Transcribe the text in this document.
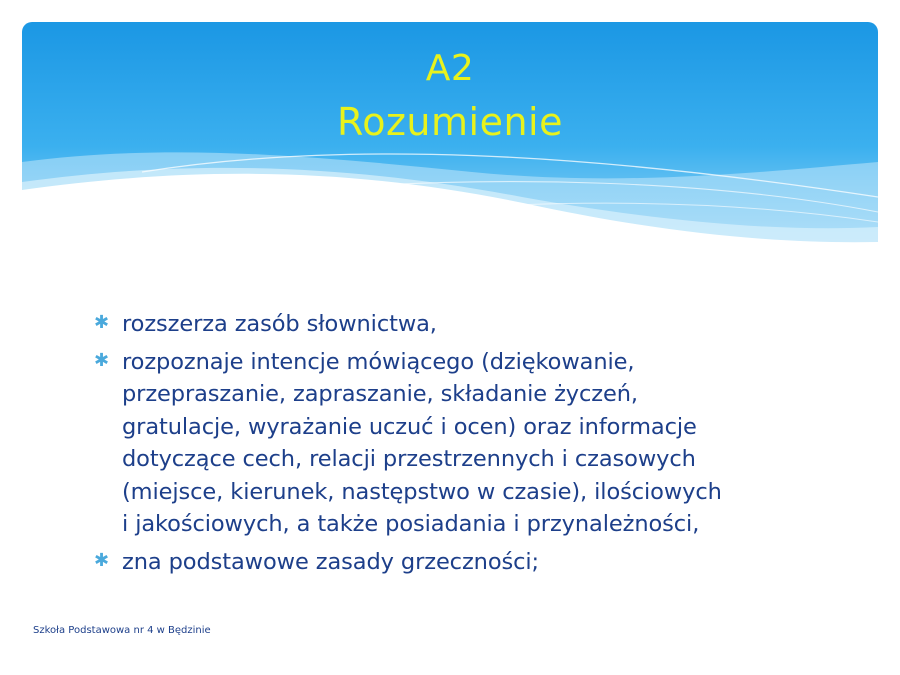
A2
Rozumienie
✱ rozszerza zasób słownictwa,
✱ rozpoznaje intencje mówiącego (dziękowanie,
przepraszanie, zapraszanie, składanie życzeń,
gratulacje, wyrażanie uczuć i ocen) oraz informacje
dotyczące cech, relacji przestrzennych i czasowych
(miejsce, kierunek, następstwo w czasie), ilościowych
i jakościowych, a także posiadania i przynależności,
✱ zna podstawowe zasady grzeczności;
Szkoła Podstawowa nr 4 w Będzinie
